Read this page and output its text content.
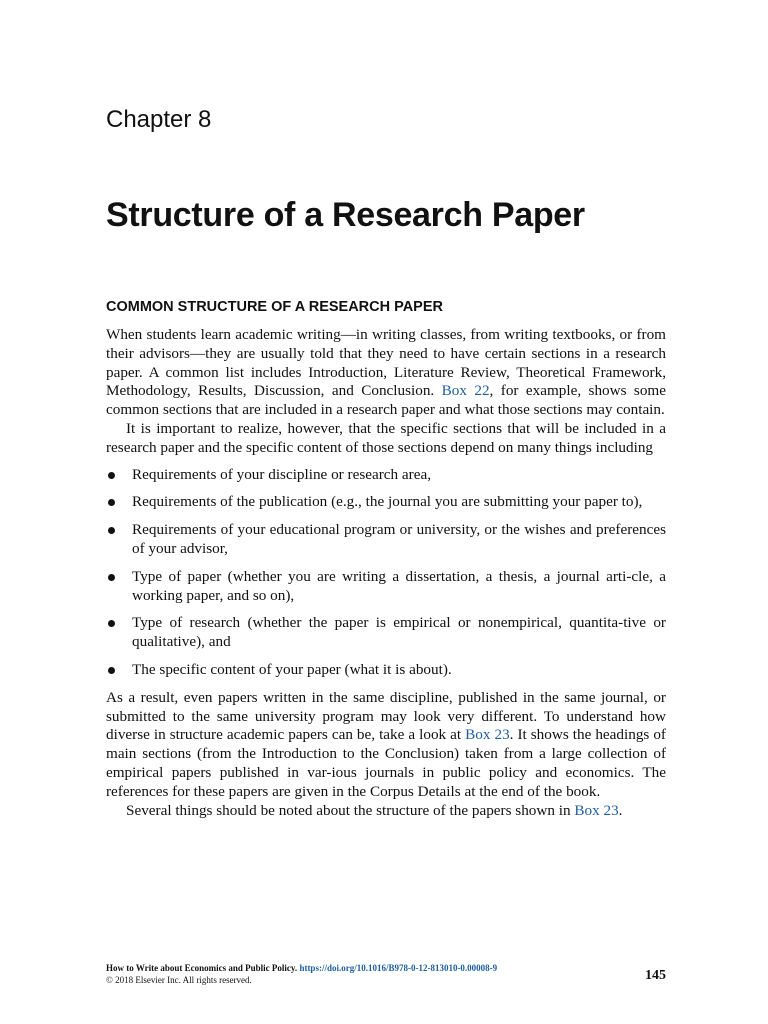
Chapter 8
Structure of a Research Paper
COMMON STRUCTURE OF A RESEARCH PAPER

When students learn academic writing—in writing classes, from writing textbooks, or from their advisors—they are usually told that they need to have certain sections in a research paper. A common list includes Introduction, Literature Review, Theoretical Framework, Methodology, Results, Discussion, and Conclusion. Box 22, for example, shows some common sections that are included in a research paper and what those sections may contain.

It is important to realize, however, that the specific sections that will be included in a research paper and the specific content of those sections depend on many things including

Requirements of your discipline or research area,
Requirements of the publication (e.g., the journal you are submitting your paper to),
Requirements of your educational program or university, or the wishes and preferences of your advisor,
Type of paper (whether you are writing a dissertation, a thesis, a journal arti-cle, a working paper, and so on),
Type of research (whether the paper is empirical or nonempirical, quantita-tive or qualitative), and
The specific content of your paper (what it is about).

As a result, even papers written in the same discipline, published in the same journal, or submitted to the same university program may look very different. To understand how diverse in structure academic papers can be, take a look at Box 23. It shows the headings of main sections (from the Introduction to the Conclusion) taken from a large collection of empirical papers published in var-ious journals in public policy and economics. The references for these papers are given in the Corpus Details at the end of the book.

Several things should be noted about the structure of the papers shown in Box 23.

How to Write about Economics and Public Policy. https://doi.org/10.1016/B978-0-12-813010-0.00008-9
© 2018 Elsevier Inc. All rights reserved.	145
